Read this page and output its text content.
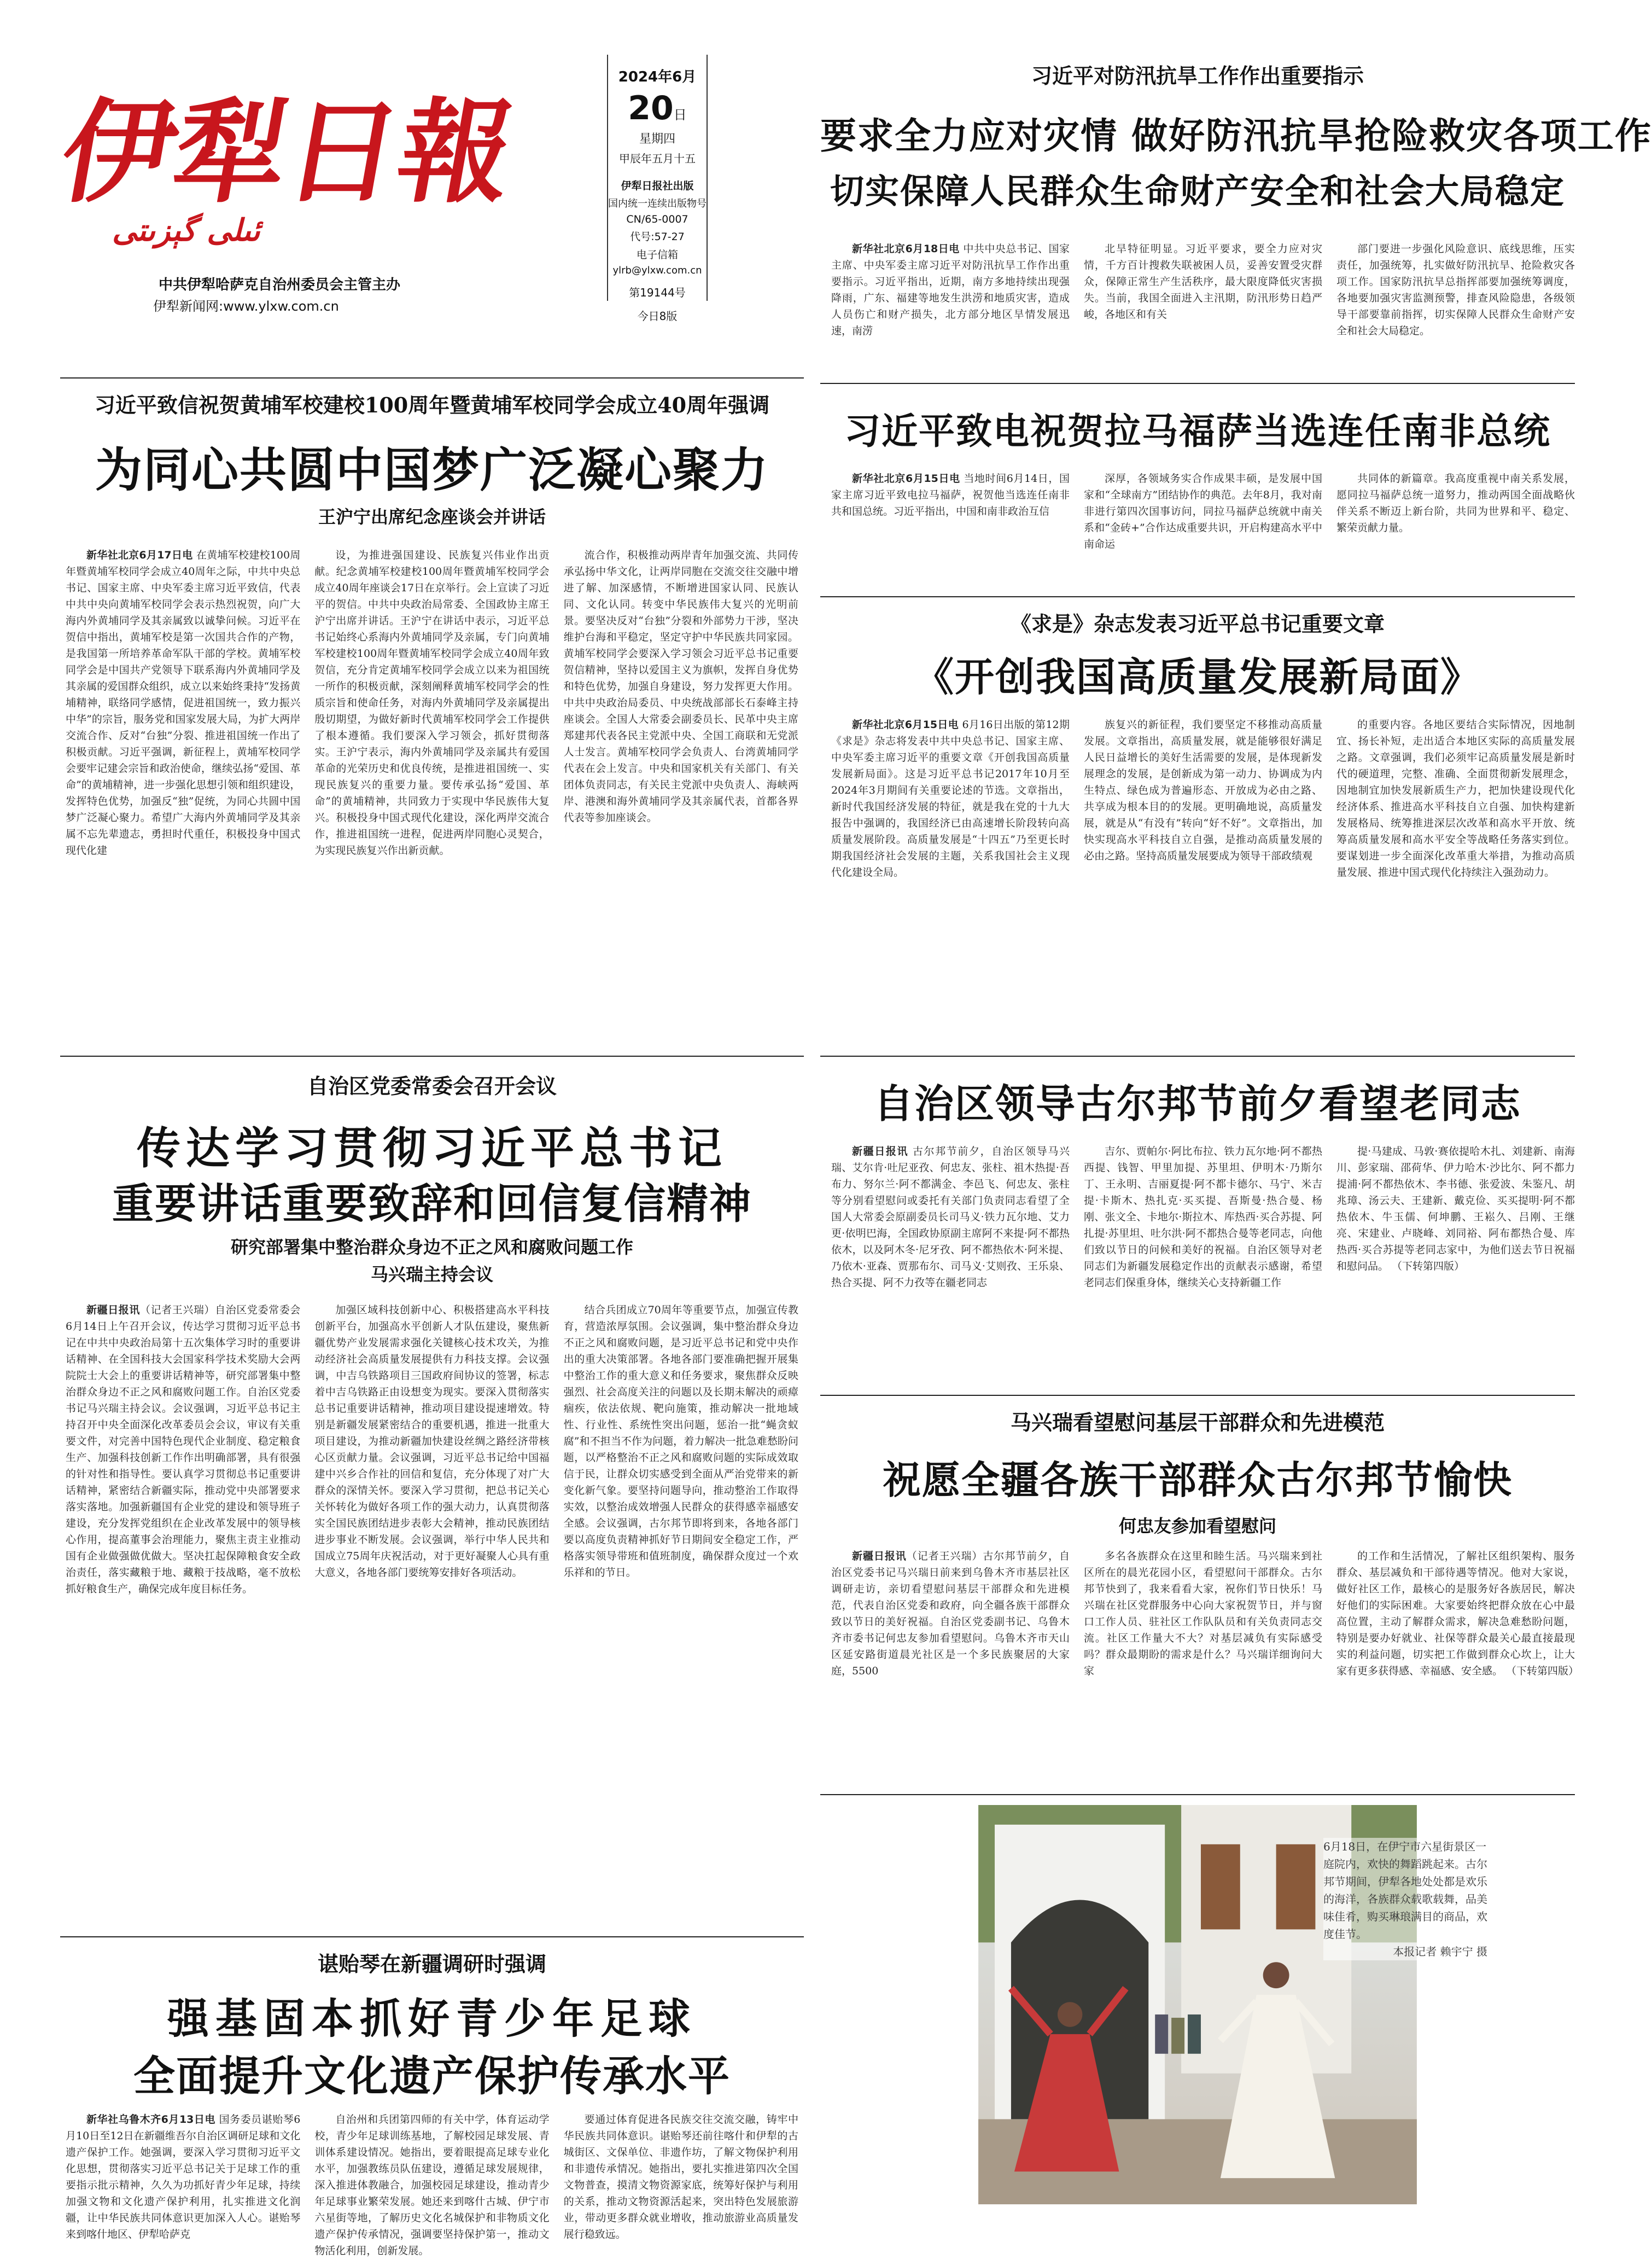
伊犁日報
ئىلى گېزىتى
中共伊犁哈萨克自治州委员会主管主办
伊犁新闻网:www.ylxw.com.cn
2024年6月
20日
星期四
甲辰年五月十五
伊犁日报社出版
国内统一连续出版物号
CN/65-0007
代号:57-27
电子信箱
ylrb@ylxw.com.cn
第19144号
今日8版
习近平对防汛抗旱工作作出重要指示
要求全力应对灾情 做好防汛抗旱抢险救灾各项工作
切实保障人民群众生命财产安全和社会大局稳定

新华社北京6月18日电 中共中央总书记、国家主席、中央军委主席习近平对防汛抗旱工作作出重要指示。习近平指出，近期，南方多地持续出现强降雨，广东、福建等地发生洪涝和地质灾害，造成人员伤亡和财产损失，北方部分地区旱情发展迅速，南涝

北旱特征明显。习近平要求，要全力应对灾情，千方百计搜救失联被困人员，妥善安置受灾群众，保障正常生产生活秩序，最大限度降低灾害损失。当前，我国全面进入主汛期，防汛形势日趋严峻，各地区和有关

部门要进一步强化风险意识、底线思维，压实责任，加强统筹，扎实做好防汛抗旱、抢险救灾各项工作。国家防汛抗旱总指挥部要加强统筹调度，各地要加强灾害监测预警，排查风险隐患，各级领导干部要靠前指挥，切实保障人民群众生命财产安全和社会大局稳定。

习近平致信祝贺黄埔军校建校100周年暨黄埔军校同学会成立40周年强调
为同心共圆中国梦广泛凝心聚力
王沪宁出席纪念座谈会并讲话

新华社北京6月17日电 在黄埔军校建校100周年暨黄埔军校同学会成立40周年之际，中共中央总书记、国家主席、中央军委主席习近平致信，代表中共中央向黄埔军校同学会表示热烈祝贺，向广大海内外黄埔同学及其亲属致以诚挚问候。习近平在贺信中指出，黄埔军校是第一次国共合作的产物，是我国第一所培养革命军队干部的学校。黄埔军校同学会是中国共产党领导下联系海内外黄埔同学及其亲属的爱国群众组织，成立以来始终秉持“发扬黄埔精神，联络同学感情，促进祖国统一，致力振兴中华”的宗旨，服务党和国家发展大局，为扩大两岸交流合作、反对“台独”分裂、推进祖国统一作出了积极贡献。习近平强调，新征程上，黄埔军校同学会要牢记建会宗旨和政治使命，继续弘扬“爱国、革命”的黄埔精神，进一步强化思想引领和组织建设，发挥特色优势，加强反“独”促统，为同心共圆中国梦广泛凝心聚力。希望广大海内外黄埔同学及其亲属不忘先辈遗志，勇担时代重任，积极投身中国式现代化建

设，为推进强国建设、民族复兴伟业作出贡献。纪念黄埔军校建校100周年暨黄埔军校同学会成立40周年座谈会17日在京举行。会上宣读了习近平的贺信。中共中央政治局常委、全国政协主席王沪宁出席并讲话。王沪宁在讲话中表示，习近平总书记始终心系海内外黄埔同学及亲属，专门向黄埔军校建校100周年暨黄埔军校同学会成立40周年致贺信，充分肯定黄埔军校同学会成立以来为祖国统一所作的积极贡献，深刻阐释黄埔军校同学会的性质宗旨和使命任务，对海内外黄埔同学及亲属提出殷切期望，为做好新时代黄埔军校同学会工作提供了根本遵循。我们要深入学习领会，抓好贯彻落实。王沪宁表示，海内外黄埔同学及亲属共有爱国革命的光荣历史和优良传统，是推进祖国统一、实现民族复兴的重要力量。要传承弘扬“爱国、革命”的黄埔精神，共同致力于实现中华民族伟大复兴。积极投身中国式现代化建设，深化两岸交流合作，推进祖国统一进程，促进两岸同胞心灵契合，为实现民族复兴作出新贡献。

流合作，积极推动两岸青年加强交流、共同传承弘扬中华文化，让两岸同胞在交流交往交融中增进了解、加深感情，不断增进国家认同、民族认同、文化认同。转变中华民族伟大复兴的光明前景。要坚决反对“台独”分裂和外部势力干涉，坚决维护台海和平稳定，坚定守护中华民族共同家园。黄埔军校同学会要深入学习领会习近平总书记重要贺信精神，坚持以爱国主义为旗帜，发挥自身优势和特色优势，加强自身建设，努力发挥更大作用。中共中央政治局委员、中央统战部部长石泰峰主持座谈会。全国人大常委会副委员长、民革中央主席郑建邦代表各民主党派中央、全国工商联和无党派人士发言。黄埔军校同学会负责人、台湾黄埔同学代表在会上发言。中央和国家机关有关部门、有关团体负责同志，有关民主党派中央负责人、海峡两岸、港澳和海外黄埔同学及其亲属代表，首都各界代表等参加座谈会。

习近平致电祝贺拉马福萨当选连任南非总统

新华社北京6月15日电 当地时间6月14日，国家主席习近平致电拉马福萨，祝贺他当选连任南非共和国总统。习近平指出，中国和南非政治互信

深厚，各领域务实合作成果丰硕，是发展中国家和“全球南方”团结协作的典范。去年8月，我对南非进行第四次国事访问，同拉马福萨总统就中南关系和“金砖+”合作达成重要共识，开启构建高水平中南命运

共同体的新篇章。我高度重视中南关系发展，愿同拉马福萨总统一道努力，推动两国全面战略伙伴关系不断迈上新台阶，共同为世界和平、稳定、繁荣贡献力量。

《求是》杂志发表习近平总书记重要文章
《开创我国高质量发展新局面》

新华社北京6月15日电 6月16日出版的第12期《求是》杂志将发表中共中央总书记、国家主席、中央军委主席习近平的重要文章《开创我国高质量发展新局面》。这是习近平总书记2017年10月至2024年3月期间有关重要论述的节选。文章指出，新时代我国经济发展的特征，就是我在党的十九大报告中强调的，我国经济已由高速增长阶段转向高质量发展阶段。高质量发展是“十四五”乃至更长时期我国经济社会发展的主题，关系我国社会主义现代化建设全局。

族复兴的新征程，我们要坚定不移推动高质量发展。文章指出，高质量发展，就是能够很好满足人民日益增长的美好生活需要的发展，是体现新发展理念的发展，是创新成为第一动力、协调成为内生特点、绿色成为普遍形态、开放成为必由之路、共享成为根本目的的发展。更明确地说，高质量发展，就是从“有没有”转向“好不好”。文章指出，加快实现高水平科技自立自强，是推动高质量发展的必由之路。坚持高质量发展要成为领导干部政绩观

的重要内容。各地区要结合实际情况，因地制宜、扬长补短，走出适合本地区实际的高质量发展之路。文章强调，我们必须牢记高质量发展是新时代的硬道理，完整、准确、全面贯彻新发展理念，因地制宜加快发展新质生产力，把加快建设现代化经济体系、推进高水平科技自立自强、加快构建新发展格局、统筹推进深层次改革和高水平开放、统筹高质量发展和高水平安全等战略任务落实到位。要谋划进一步全面深化改革重大举措，为推动高质量发展、推进中国式现代化持续注入强劲动力。

自治区党委常委会召开会议
传达学习贯彻习近平总书记
重要讲话重要致辞和回信复信精神
研究部署集中整治群众身边不正之风和腐败问题工作
马兴瑞主持会议

新疆日报讯（记者王兴瑞）自治区党委常委会6月14日上午召开会议，传达学习贯彻习近平总书记在中共中央政治局第十五次集体学习时的重要讲话精神、在全国科技大会国家科学技术奖励大会两院院士大会上的重要讲话精神等，研究部署集中整治群众身边不正之风和腐败问题工作。自治区党委书记马兴瑞主持会议。会议强调，习近平总书记主持召开中央全面深化改革委员会会议，审议有关重要文件，对完善中国特色现代企业制度、稳定粮食生产、加强科技创新工作作出明确部署，具有很强的针对性和指导性。要认真学习贯彻总书记重要讲话精神，紧密结合新疆实际，推动党中央部署要求落实落地。加强新疆国有企业党的建设和领导班子建设，充分发挥党组织在企业改革发展中的领导核心作用，提高董事会治理能力，聚焦主责主业推动国有企业做强做优做大。坚决扛起保障粮食安全政治责任，落实藏粮于地、藏粮于技战略，毫不放松抓好粮食生产，确保完成年度目标任务。

加强区域科技创新中心、积极搭建高水平科技创新平台，加强高水平创新人才队伍建设，聚焦新疆优势产业发展需求强化关键核心技术攻关，为推动经济社会高质量发展提供有力科技支撑。会议强调，中吉乌铁路项目三国政府间协议的签署，标志着中吉乌铁路正由设想变为现实。要深入贯彻落实总书记重要讲话精神，推动项目建设提速增效。特别是新疆发展紧密结合的重要机遇，推进一批重大项目建设，为推动新疆加快建设丝绸之路经济带核心区贡献力量。会议强调，习近平总书记给中国福建中兴乡合作社的回信和复信，充分体现了对广大群众的深情关怀。要深入学习贯彻，把总书记关心关怀转化为做好各项工作的强大动力，认真贯彻落实全国民族团结进步表彰大会精神，推动民族团结进步事业不断发展。会议强调，举行中华人民共和国成立75周年庆祝活动，对于更好凝聚人心具有重大意义，各地各部门要统筹安排好各项活动。

结合兵团成立70周年等重要节点，加强宣传教育，营造浓厚氛围。会议强调，集中整治群众身边不正之风和腐败问题，是习近平总书记和党中央作出的重大决策部署。各地各部门要准确把握开展集中整治工作的重大意义和任务要求，聚焦群众反映强烈、社会高度关注的问题以及长期未解决的顽瘴痼疾，依法依规、靶向施策，推动解决一批地域性、行业性、系统性突出问题，惩治一批“蝇贪蚁腐”和不担当不作为问题，着力解决一批急难愁盼问题，以严格整治不正之风和腐败问题的实际成效取信于民，让群众切实感受到全面从严治党带来的新变化新气象。要坚持问题导向，推动整治工作取得实效，以整治成效增强人民群众的获得感幸福感安全感。会议强调，古尔邦节即将到来，各地各部门要以高度负责精神抓好节日期间安全稳定工作，严格落实领导带班和值班制度，确保群众度过一个欢乐祥和的节日。

自治区领导古尔邦节前夕看望老同志

新疆日报讯 古尔邦节前夕，自治区领导马兴瑞、艾尔肯·吐尼亚孜、何忠友、张柱、祖木热提·吾布力、努尔兰·阿不都满金、李邑飞、何忠友、张柱等分别看望慰问或委托有关部门负责同志看望了全国人大常委会原副委员长司马义·铁力瓦尔地、艾力更·依明巴海，全国政协原副主席阿不来提·阿不都热依木，以及阿木冬·尼牙孜、阿不都热依木·阿米提、乃依木·亚森、贾那布尔、司马义·艾则孜、王乐泉、热合买提、阿不力孜等在疆老同志

吉尔、贾帕尔·阿比布拉、铁力瓦尔地·阿不都热西提、钱智、甲里加提、苏里坦、伊明木·乃斯尔丁、王永明、吉丽夏提·阿不都卡德尔、马宁、米吉提·卡斯木、热扎克·买买提、吾斯曼·热合曼、杨刚、张文全、卡地尔·斯拉木、库热西·买合苏提、阿扎提·苏里坦、吐尔洪·阿不都热合曼等老同志，向他们致以节日的问候和美好的祝福。自治区领导对老同志们为新疆发展稳定作出的贡献表示感谢，希望老同志们保重身体，继续关心支持新疆工作

提·马建成、马敦·赛依提哈木扎、刘建新、南海川、彭家瑞、邵荷华、伊力哈木·沙比尔、阿不都力提浦·阿不都热依木、李书德、张爱波、朱鉴凡、胡兆璋、汤云夫、王建新、戴克俭、买买提明·阿不都热依木、牛玉儒、何坤鹏、王崧久、吕刚、王继亮、宋建业、卢晓峰、刘同裕、阿布都热合曼、库热西·买合苏提等老同志家中，为他们送去节日祝福和慰问品。 （下转第四版）

马兴瑞看望慰问基层干部群众和先进模范
祝愿全疆各族干部群众古尔邦节愉快
何忠友参加看望慰问

新疆日报讯（记者王兴瑞）古尔邦节前夕，自治区党委书记马兴瑞日前来到乌鲁木齐市基层社区调研走访，亲切看望慰问基层干部群众和先进模范，代表自治区党委和政府，向全疆各族干部群众致以节日的美好祝福。自治区党委副书记、乌鲁木齐市委书记何忠友参加看望慰问。乌鲁木齐市天山区延安路街道晨光社区是一个多民族聚居的大家庭，5500

多名各族群众在这里和睦生活。马兴瑞来到社区所在的晨光花园小区，看望慰问干部群众。古尔邦节快到了，我来看看大家，祝你们节日快乐！马兴瑞在社区党群服务中心向大家祝贺节日，并与窗口工作人员、驻社区工作队队员和有关负责同志交流。社区工作量大不大？对基层减负有实际感受吗？群众最期盼的需求是什么？马兴瑞详细询问大家

的工作和生活情况，了解社区组织架构、服务群众、基层减负和干部待遇等情况。他对大家说，做好社区工作，最核心的是服务好各族居民，解决好他们的实际困难。大家要始终把群众放在心中最高位置，主动了解群众需求，解决急难愁盼问题，特别是要办好就业、社保等群众最关心最直接最现实的利益问题，切实把工作做到群众心坎上，让大家有更多获得感、幸福感、安全感。 （下转第四版）

谌贻琴在新疆调研时强调
强基固本抓好青少年足球
全面提升文化遗产保护传承水平

新华社乌鲁木齐6月13日电 国务委员谌贻琴6月10日至12日在新疆维吾尔自治区调研足球和文化遗产保护工作。她强调，要深入学习贯彻习近平文化思想，贯彻落实习近平总书记关于足球工作的重要指示批示精神，久久为功抓好青少年足球，持续加强文物和文化遗产保护利用，扎实推进文化润疆，让中华民族共同体意识更加深入人心。谌贻琴来到喀什地区、伊犁哈萨克

自治州和兵团第四师的有关中学，体育运动学校，青少年足球训练基地，了解校园足球发展、青训体系建设情况。她指出，要着眼提高足球专业化水平，加强教练员队伍建设，遵循足球发展规律，深入推进体教融合，加强校园足球建设，推动青少年足球事业繁荣发展。她还来到喀什古城、伊宁市六星街等地，了解历史文化名城保护和非物质文化遗产保护传承情况，强调要坚持保护第一，推动文物活化利用，创新发展。

要通过体育促进各民族交往交流交融，铸牢中华民族共同体意识。谌贻琴还前往喀什和伊犁的古城街区、文保单位、非遗作坊，了解文物保护利用和非遗传承情况。她指出，要扎实推进第四次全国文物普查，摸清文物资源家底，统筹好保护与利用的关系，推动文物资源活起来，突出特色发展旅游业，带动更多群众就业增收，推动旅游业高质量发展行稳致远。

6月18日，在伊宁市六星街景区一庭院内，欢快的舞蹈跳起来。古尔邦节期间，伊犁各地处处都是欢乐的海洋，各族群众载歌载舞，品美味佳肴，购买琳琅满目的商品，欢度佳节。

本报记者 赖宇宁 摄
